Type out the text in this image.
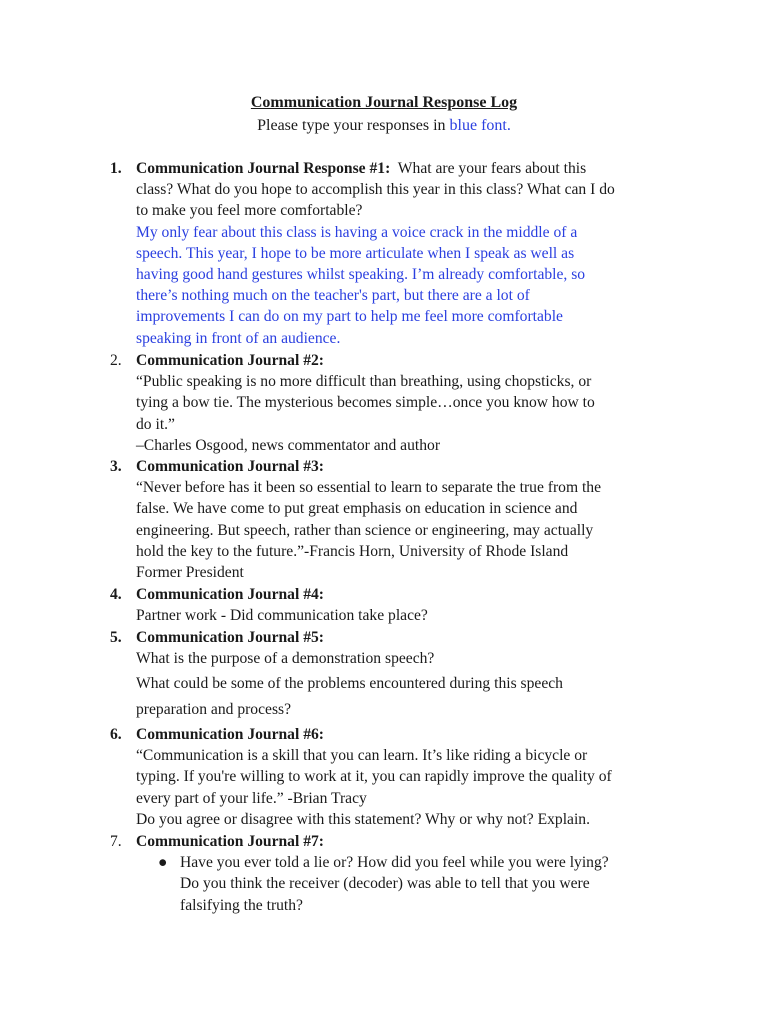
Communication Journal Response Log
Please type your responses in blue font.
1. Communication Journal Response #1:  What are your fears about this
class? What do you hope to accomplish this year in this class? What can I do
to make you feel more comfortable?
My only fear about this class is having a voice crack in the middle of a
speech. This year, I hope to be more articulate when I speak as well as
having good hand gestures whilst speaking. I’m already comfortable, so
there’s nothing much on the teacher's part, but there are a lot of
improvements I can do on my part to help me feel more comfortable
speaking in front of an audience.
2. Communication Journal #2:
“Public speaking is no more difficult than breathing, using chopsticks, or
tying a bow tie. The mysterious becomes simple…once you know how to
do it.”
–Charles Osgood, news commentator and author
3. Communication Journal #3:
“Never before has it been so essential to learn to separate the true from the
false. We have come to put great emphasis on education in science and
engineering. But speech, rather than science or engineering, may actually
hold the key to the future.”-Francis Horn, University of Rhode Island
Former President
4. Communication Journal #4:
Partner work - Did communication take place?
5. Communication Journal #5:
What is the purpose of a demonstration speech?
What could be some of the problems encountered during this speech
preparation and process?
6. Communication Journal #6:
“Communication is a skill that you can learn. It’s like riding a bicycle or
typing. If you're willing to work at it, you can rapidly improve the quality of
every part of your life.” -Brian Tracy
Do you agree or disagree with this statement? Why or why not? Explain.
7. Communication Journal #7:
● Have you ever told a lie or? How did you feel while you were lying?
Do you think the receiver (decoder) was able to tell that you were
falsifying the truth?
